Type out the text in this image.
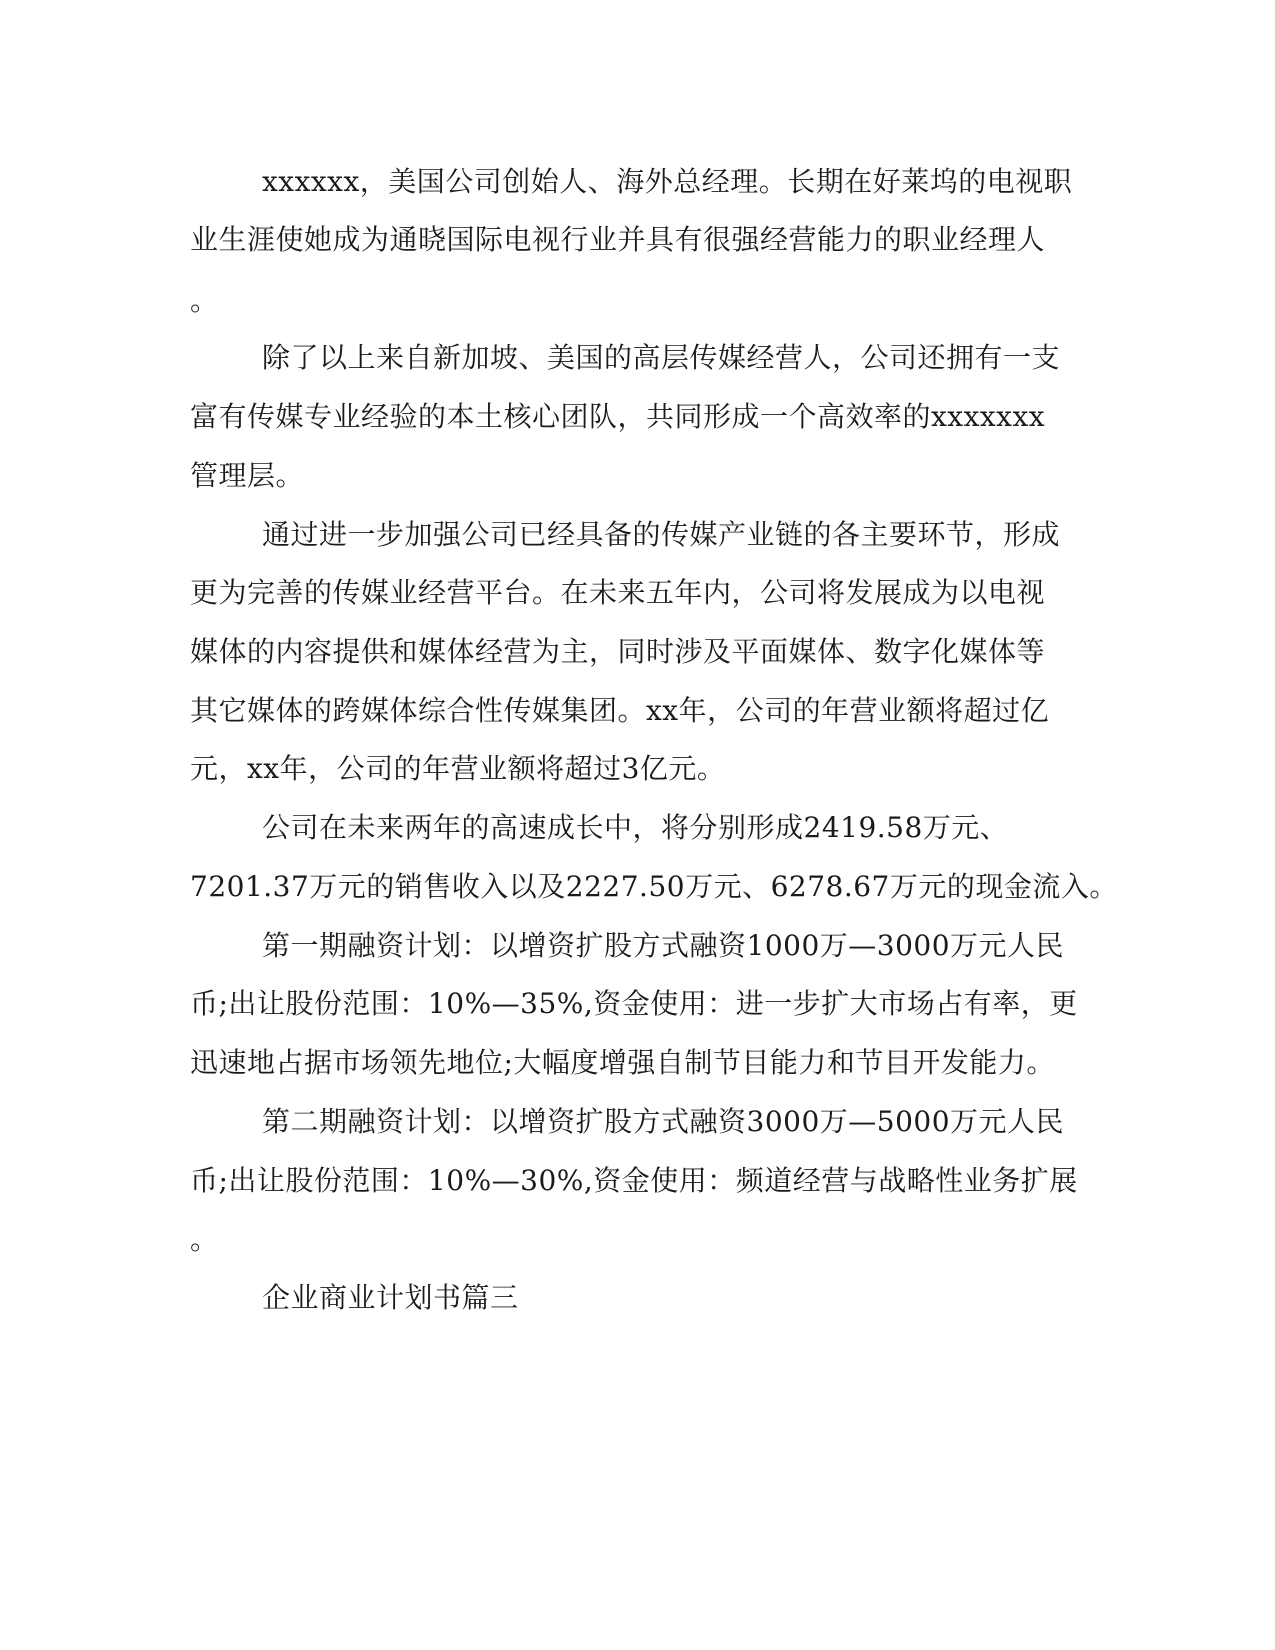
xxxxxx，美国公司创始人、海外总经理。长期在好莱坞的电视职
业生涯使她成为通晓国际电视行业并具有很强经营能力的职业经理人
。
除了以上来自新加坡、美国的高层传媒经营人，公司还拥有一支
富有传媒专业经验的本土核心团队，共同形成一个高效率的xxxxxxx
管理层。
通过进一步加强公司已经具备的传媒产业链的各主要环节，形成
更为完善的传媒业经营平台。在未来五年内，公司将发展成为以电视
媒体的内容提供和媒体经营为主，同时涉及平面媒体、数字化媒体等
其它媒体的跨媒体综合性传媒集团。xx年，公司的年营业额将超过亿
元，xx年，公司的年营业额将超过3亿元。
公司在未来两年的高速成长中，将分别形成2419.58万元、
7201.37万元的销售收入以及2227.50万元、6278.67万元的现金流入。
第一期融资计划：以增资扩股方式融资1000万—3000万元人民
币;出让股份范围：10%—35%,资金使用：进一步扩大市场占有率，更
迅速地占据市场领先地位;大幅度增强自制节目能力和节目开发能力。
第二期融资计划：以增资扩股方式融资3000万—5000万元人民
币;出让股份范围：10%—30%,资金使用：频道经营与战略性业务扩展
。
企业商业计划书篇三
